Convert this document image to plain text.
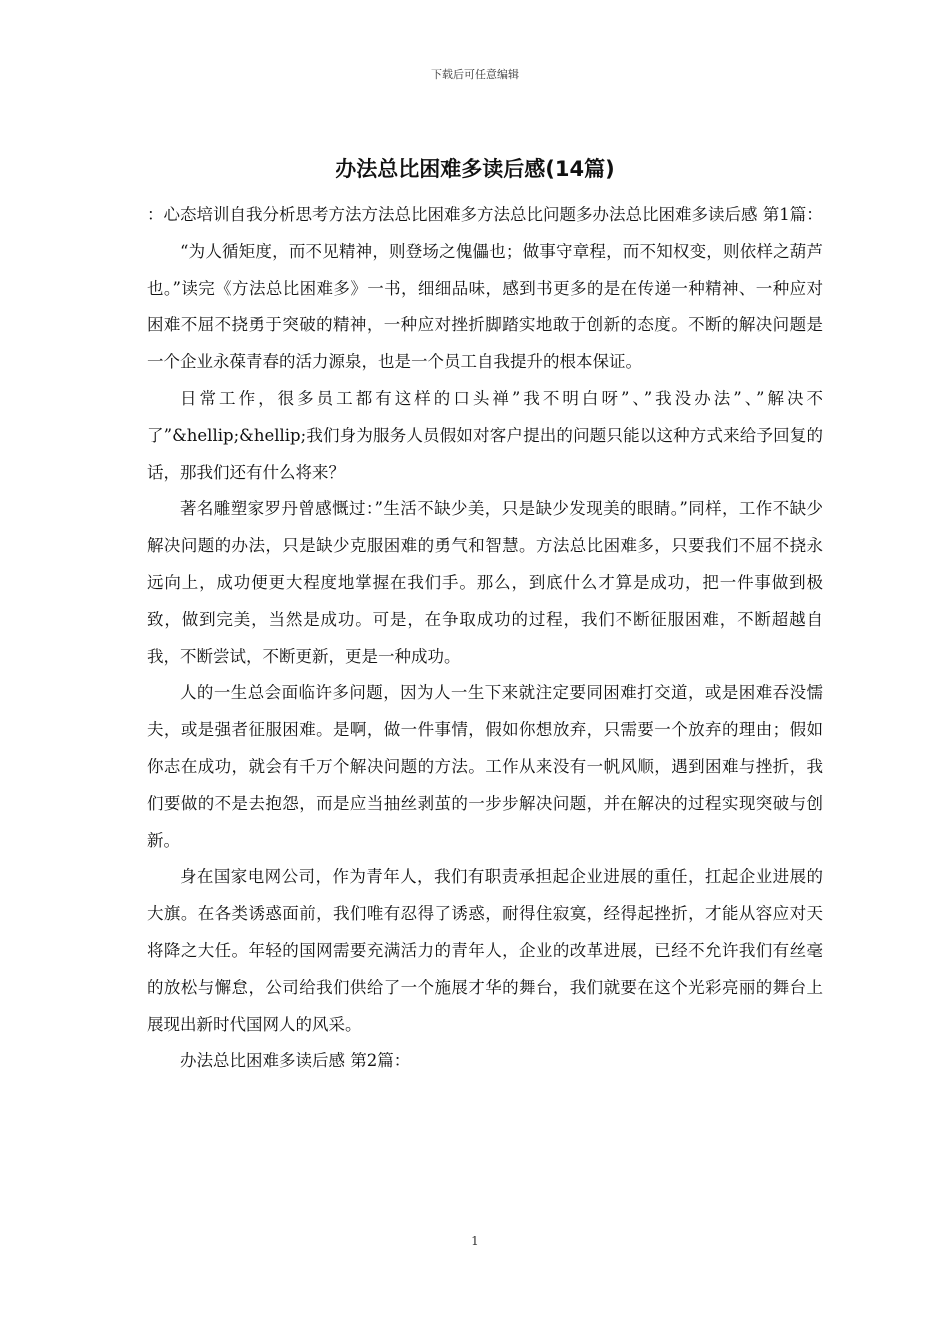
下载后可任意编辑
办法总比困难多读后感(14篇)

：心态培训自我分析思考方法方法总比困难多方法总比问题多办法总比困难多读后感 第1篇：

“为人循矩度，而不见精神，则登场之傀儡也；做事守章程，而不知权变，则依样之葫芦也。”读完《方法总比困难多》一书，细细品味，感到书更多的是在传递一种精神、一种应对困难不屈不挠勇于突破的精神，一种应对挫折脚踏实地敢于创新的态度。不断的解决问题是一个企业永葆青春的活力源泉，也是一个员工自我提升的根本保证。

日常工作，很多员工都有这样的口头禅”我不明白呀”、”我没办法”、”解决不了”&hellip;&hellip;我们身为服务人员假如对客户提出的问题只能以这种方式来给予回复的话，那我们还有什么将来？

著名雕塑家罗丹曾感慨过：”生活不缺少美，只是缺少发现美的眼睛。”同样，工作不缺少解决问题的办法，只是缺少克服困难的勇气和智慧。方法总比困难多，只要我们不屈不挠永远向上，成功便更大程度地掌握在我们手。那么，到底什么才算是成功，把一件事做到极致，做到完美，当然是成功。可是，在争取成功的过程，我们不断征服困难，不断超越自我，不断尝试，不断更新，更是一种成功。

人的一生总会面临许多问题，因为人一生下来就注定要同困难打交道，或是困难吞没懦夫，或是强者征服困难。是啊，做一件事情，假如你想放弃，只需要一个放弃的理由；假如你志在成功，就会有千万个解决问题的方法。工作从来没有一帆风顺，遇到困难与挫折，我们要做的不是去抱怨，而是应当抽丝剥茧的一步步解决问题，并在解决的过程实现突破与创新。

身在国家电网公司，作为青年人，我们有职责承担起企业进展的重任，扛起企业进展的大旗。在各类诱惑面前，我们唯有忍得了诱惑，耐得住寂寞，经得起挫折，才能从容应对天将降之大任。年轻的国网需要充满活力的青年人，企业的改革进展，已经不允许我们有丝毫的放松与懈怠，公司给我们供给了一个施展才华的舞台，我们就要在这个光彩亮丽的舞台上展现出新时代国网人的风采。

办法总比困难多读后感 第2篇：

1
